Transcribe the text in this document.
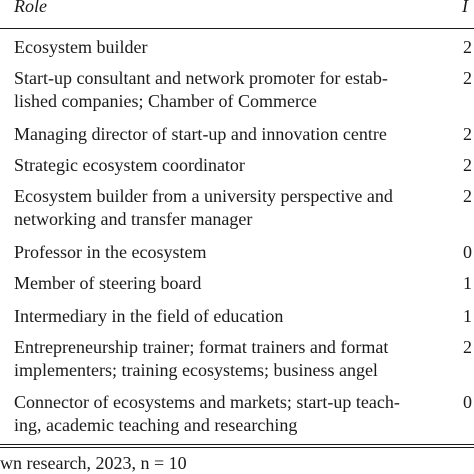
Role	I
Ecosystem builder	2
Start-up consultant and network promoter for estab-
lished companies; Chamber of Commerce
2
Managing director of start-up and innovation centre	2
Strategic ecosystem coordinator	2
Ecosystem builder from a university perspective and
networking and transfer manager
2
Professor in the ecosystem	0
Member of steering board	1
Intermediary in the field of education	1
Entrepreneurship trainer; format trainers and format
implementers; training ecosystems; business angel
2
Connector of ecosystems and markets; start-up teach-
ing, academic teaching and researching
0
wn research, 2023, n = 10
